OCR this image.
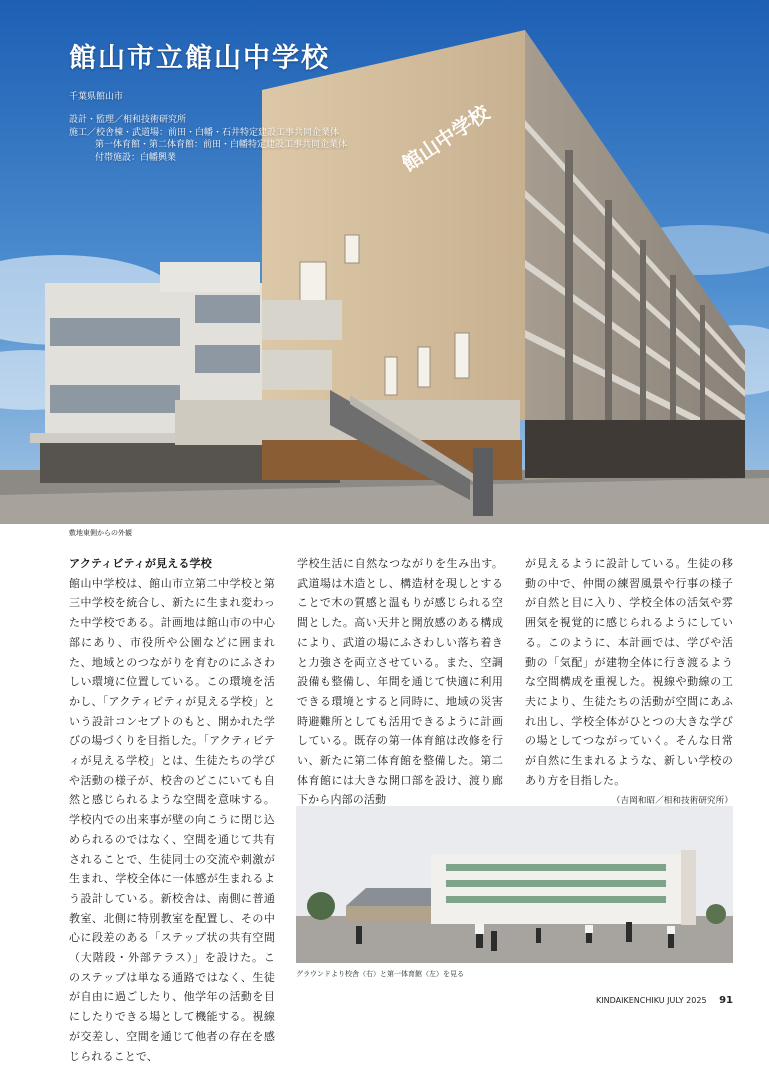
館山中学校
館山市立館山中学校
千葉県館山市
設計・監理／相和技術研究所
施工／校舎棟・武道場：前田・白幡・石井特定建設工事共同企業体
第一体育館・第二体育館：前田・白幡特定建設工事共同企業体
付帯施設：白幡興業
敷地東側からの外観

アクティビティが見える学校

館山中学校は、館山市立第二中学校と第三中学校を統合し、新たに生まれ変わった中学校である。計画地は館山市の中心部にあり、市役所や公園などに囲まれた、地域とのつながりを育むのにふさわしい環境に位置している。この環境を活かし、「アクティビティが見える学校」という設計コンセプトのもと、開かれた学びの場づくりを目指した。「アクティビティが見える学校」とは、生徒たちの学びや活動の様子が、校舎のどこにいても自然と感じられるような空間を意味する。学校内での出来事が壁の向こうに閉じ込められるのではなく、空間を通じて共有されることで、生徒同士の交流や刺激が生まれ、学校全体に一体感が生まれるよう設計している。新校舎は、南側に普通教室、北側に特別教室を配置し、その中心に段差のある「ステップ状の共有空間（大階段・外部テラス）」を設けた。このステップは単なる通路ではなく、生徒が自由に過ごしたり、他学年の活動を目にしたりできる場として機能する。視線が交差し、空間を通じて他者の存在を感じられることで、

学校生活に自然なつながりを生み出す。武道場は木造とし、構造材を現しとすることで木の質感と温もりが感じられる空間とした。高い天井と開放感のある構成により、武道の場にふさわしい落ち着きと力強さを両立させている。また、空調設備も整備し、年間を通じて快適に利用できる環境とすると同時に、地域の災害時避難所としても活用できるように計画している。既存の第一体育館は改修を行い、新たに第二体育館を整備した。第二体育館には大きな開口部を設け、渡り廊下から内部の活動

が見えるように設計している。生徒の移動の中で、仲間の練習風景や行事の様子が自然と目に入り、学校全体の活気や雰囲気を視覚的に感じられるようにしている。このように、本計画では、学びや活動の「気配」が建物全体に行き渡るような空間構成を重視した。視線や動線の工夫により、生徒たちの活動が空間にあふれ出し、学校全体がひとつの大きな学びの場としてつながっていく。そんな日常が自然に生まれるような、新しい学校のあり方を目指した。

（吉岡和昭／相和技術研究所）

グラウンドより校舎（右）と第一体育館（左）を見る
KINDAIKENCHIKU JULY 2025 91
